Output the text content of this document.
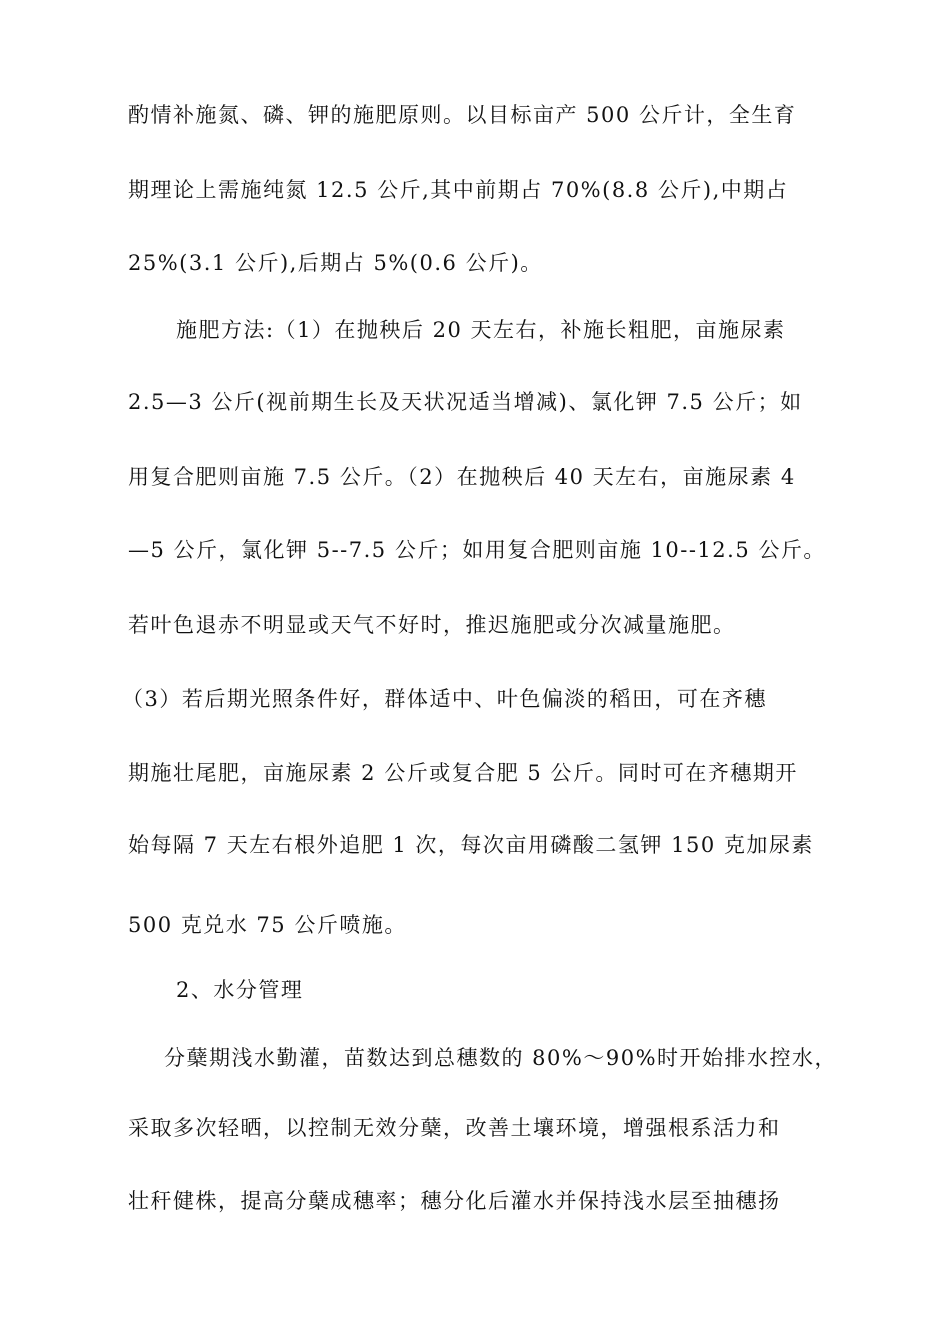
酌情补施氮、磷、钾的施肥原则。以目标亩产 500 公斤计，全生育
期理论上需施纯氮 12.5 公斤,其中前期占 70%(8.8 公斤),中期占
25%(3.1 公斤),后期占 5%(0.6 公斤)。
施肥方法:（1）在抛秧后 20 天左右，补施长粗肥，亩施尿素
2.5—3 公斤(视前期生长及天状况适当增减)、氯化钾 7.5 公斤；如
用复合肥则亩施 7.5 公斤。（2）在抛秧后 40 天左右，亩施尿素 4
—5 公斤，氯化钾 5--7.5 公斤；如用复合肥则亩施 10--12.5 公斤。
若叶色退赤不明显或天气不好时，推迟施肥或分次减量施肥。
（3）若后期光照条件好，群体适中、叶色偏淡的稻田，可在齐穗
期施壮尾肥，亩施尿素 2 公斤或复合肥 5 公斤。同时可在齐穗期开
始每隔 7 天左右根外追肥 1 次，每次亩用磷酸二氢钾 150 克加尿素
500 克兑水 75 公斤喷施。
2、水分管理
分蘖期浅水勤灌，苗数达到总穗数的 80%～90%时开始排水控水，
采取多次轻晒，以控制无效分蘖，改善土壤环境，增强根系活力和
壮秆健株，提高分蘖成穗率；穗分化后灌水并保持浅水层至抽穗扬
